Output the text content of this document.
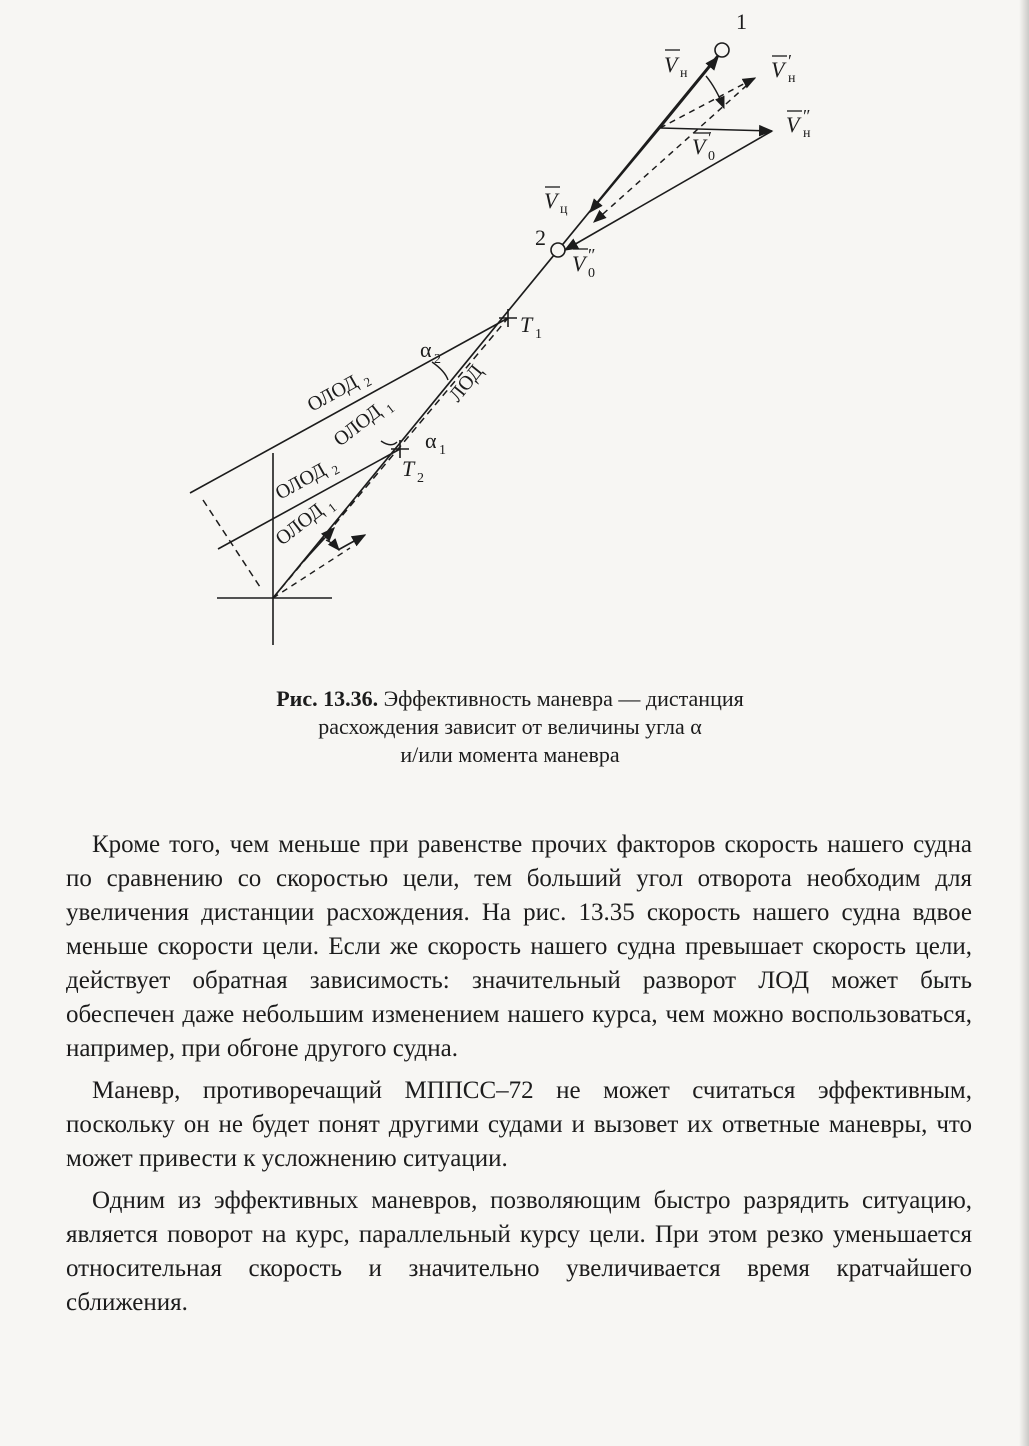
1
2
V н	V н
′
V н
″
V 0
′
V ц
V 0
″
T 1
T 2
α 2
α 1
ЛОД
ОЛОД 2
ОЛОД
1
ОЛОД 2
ОЛОД
1
Рис. 13.36. Эффективность маневра — дистанция
расхождения зависит от величины угла α
и/или момента маневра

Кроме того, чем меньше при равенстве прочих факторов скорость нашего судна по сравнению со скоростью цели, тем больший угол отворота необходим для увеличения дистанции расхождения. На рис. 13.35 скорость нашего судна вдвое меньше скорости цели. Если же скорость нашего судна превышает скорость цели, действует обратная зависимость: значительный разворот ЛОД может быть обеспечен даже небольшим изменением нашего курса, чем можно воспользоваться, например, при обгоне другого судна.

Маневр, противоречащий МППСС–72 не может считаться эффективным, поскольку он не будет понят другими судами и вызовет их ответные маневры, что может привести к усложнению ситуации.

Одним из эффективных маневров, позволяющим быстро разрядить ситуацию, является поворот на курс, параллельный курсу цели. При этом резко уменьшается относительная скорость и значительно увеличивается время кратчайшего сближения.
